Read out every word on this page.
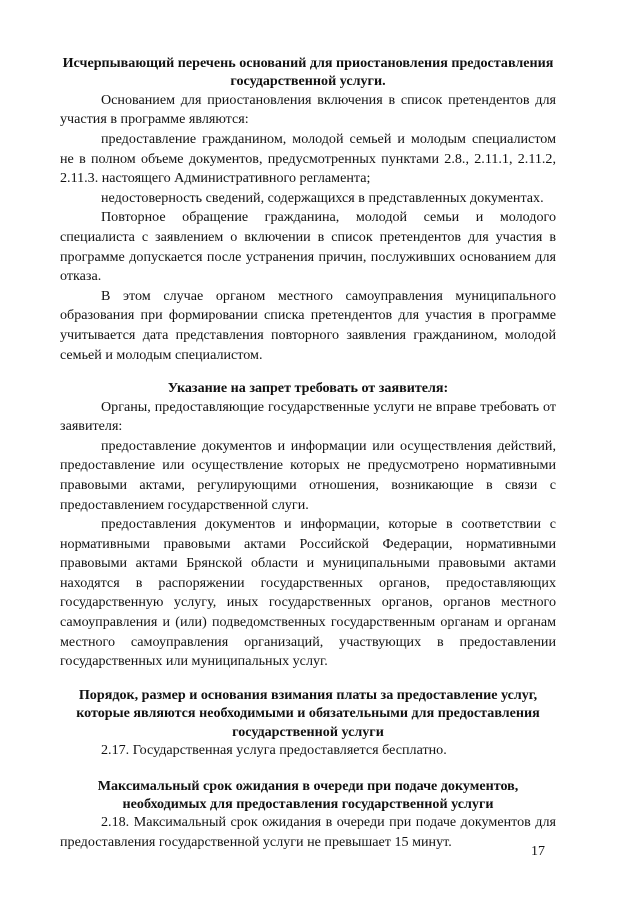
Исчерпывающий перечень оснований для приостановления предоставления государственной услуги.

Основанием для приостановления включения в список претендентов для участия в программе являются:

предоставление гражданином, молодой семьей и молодым специалистом не в полном объеме документов, предусмотренных пунктами 2.8., 2.11.1, 2.11.2, 2.11.3. настоящего Административного регламента;

недостоверность сведений, содержащихся в представленных документах.

Повторное обращение гражданина, молодой семьи и молодого специалиста с заявлением о включении в список претендентов для участия в программе допускается после устранения причин, послуживших основанием для отказа.

В этом случае органом местного самоуправления муниципального образования при формировании списка претендентов для участия в программе учитывается дата представления повторного заявления гражданином, молодой семьей и молодым специалистом.

Указание на запрет требовать от заявителя:

Органы, предоставляющие государственные услуги не вправе требовать от заявителя:

предоставление документов и информации или осуществления действий, предоставление или осуществление которых не предусмотрено нормативными правовыми актами, регулирующими отношения, возникающие в связи с предоставлением государственной слуги.

предоставления документов и информации, которые в соответствии с нормативными правовыми актами Российской Федерации, нормативными правовыми актами Брянской области и муниципальными правовыми актами находятся в распоряжении государственных органов, предоставляющих государственную услугу, иных государственных органов, органов местного самоуправления и (или) подведомственных государственным органам и органам местного самоуправления организаций, участвующих в предоставлении государственных или муниципальных услуг.

Порядок, размер и основания взимания платы за предоставление услуг, которые являются необходимыми и обязательными для предоставления государственной услуги

2.17. Государственная услуга предоставляется бесплатно.

Максимальный срок ожидания в очереди при подаче документов, необходимых для предоставления государственной услуги

2.18. Максимальный срок ожидания в очереди при подаче документов для предоставления государственной услуги не превышает 15 минут.

17
